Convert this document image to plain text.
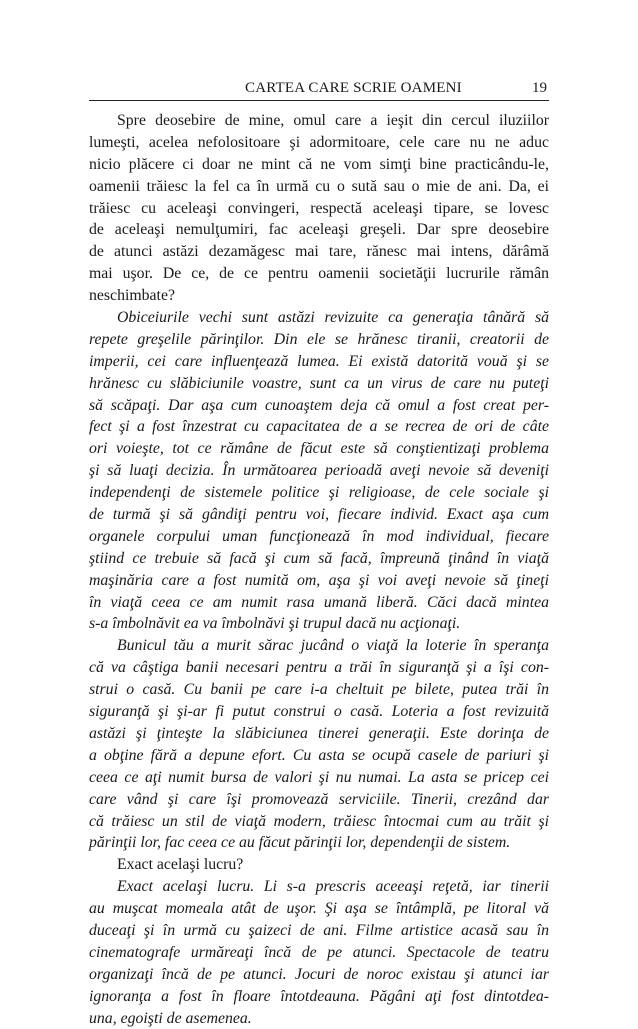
CARTEA CARE SCRIE OAMENI	19
Spre deosebire de mine, omul care a ieşit din cercul iluziilor
lumeşti, acelea nefolositoare şi adormitoare, cele care nu ne aduc
nicio plăcere ci doar ne mint că ne vom simţi bine practicându-le,
oamenii trăiesc la fel ca în urmă cu o sută sau o mie de ani. Da, ei
trăiesc cu aceleaşi convingeri, respectă aceleaşi tipare, se lovesc
de aceleaşi nemulţumiri, fac aceleaşi greşeli. Dar spre deosebire
de atunci astăzi dezamăgesc mai tare, rănesc mai intens, dărâmă
mai uşor. De ce, de ce pentru oamenii societăţii lucrurile rămân
neschimbate?
Obiceiurile vechi sunt astăzi revizuite ca generaţia tânără să
repete greşelile părinţilor. Din ele se hrănesc tiranii, creatorii de
imperii, cei care influenţează lumea. Ei există datorită vouă şi se
hrănesc cu slăbiciunile voastre, sunt ca un virus de care nu puteţi
să scăpaţi. Dar aşa cum cunoaştem deja că omul a fost creat per-
fect şi a fost înzestrat cu capacitatea de a se recrea de ori de câte
ori voieşte, tot ce rămâne de făcut este să conştientizaţi problema
şi să luaţi decizia. În următoarea perioadă aveţi nevoie să deveniţi
independenţi de sistemele politice şi religioase, de cele sociale şi
de turmă şi să gândiţi pentru voi, fiecare individ. Exact aşa cum
organele corpului uman funcţionează în mod individual, fiecare
ştiind ce trebuie să facă şi cum să facă, împreună ţinând în viaţă
maşinăria care a fost numită om, aşa şi voi aveţi nevoie să ţineţi
în viaţă ceea ce am numit rasa umană liberă. Căci dacă mintea
s-a îmbolnăvit ea va îmbolnăvi şi trupul dacă nu acţionaţi.
Bunicul tău a murit sărac jucând o viaţă la loterie în speranţa
că va câştiga banii necesari pentru a trăi în siguranţă şi a îşi con-
strui o casă. Cu banii pe care i-a cheltuit pe bilete, putea trăi în
siguranţă şi şi-ar fi putut construi o casă. Loteria a fost revizuită
astăzi şi ţinteşte la slăbiciunea tinerei generaţii. Este dorinţa de
a obţine fără a depune efort. Cu asta se ocupă casele de pariuri şi
ceea ce aţi numit bursa de valori şi nu numai. La asta se pricep cei
care vând şi care îşi promovează serviciile. Tinerii, crezând dar
că trăiesc un stil de viaţă modern, trăiesc întocmai cum au trăit şi
părinţii lor, fac ceea ce au făcut părinţii lor, dependenţii de sistem.
Exact acelaşi lucru?
Exact acelaşi lucru. Li s-a prescris aceeaşi reţetă, iar tinerii
au muşcat momeala atât de uşor. Şi aşa se întâmplă, pe litoral vă
duceaţi şi în urmă cu şaizeci de ani. Filme artistice acasă sau în
cinematografe urmăreaţi încă de pe atunci. Spectacole de teatru
organizaţi încă de pe atunci. Jocuri de noroc existau şi atunci iar
ignoranţa a fost în floare întotdeauna. Păgâni aţi fost dintotdea-
una, egoişti de asemenea.
